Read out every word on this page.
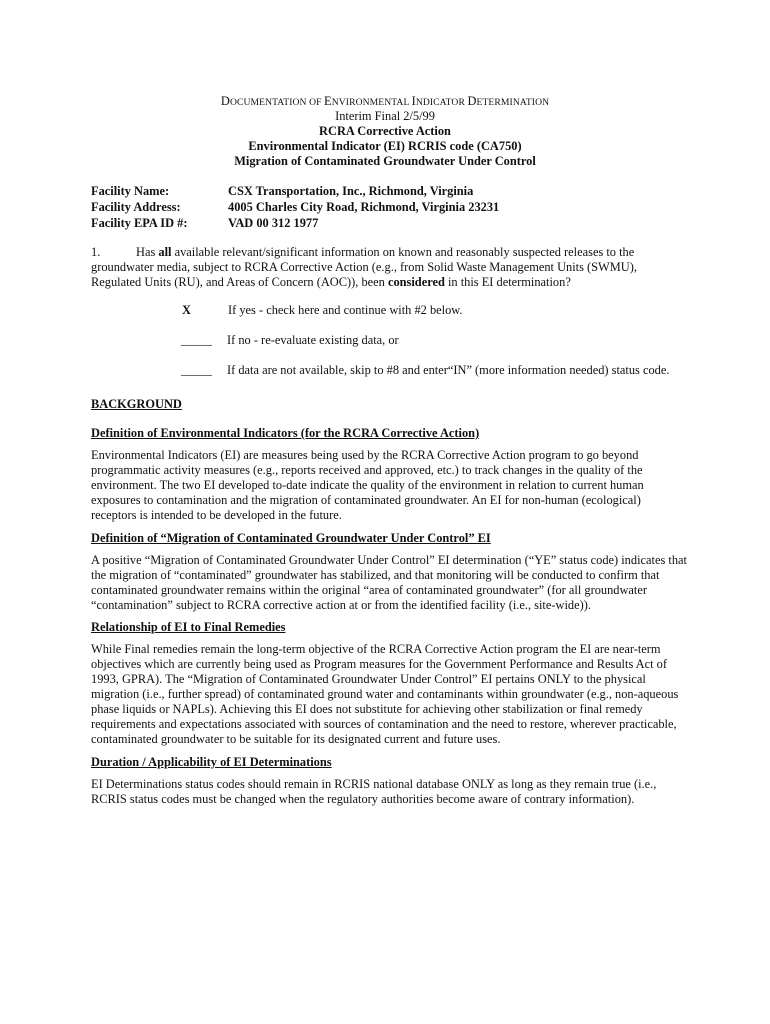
DOCUMENTATION OF ENVIRONMENTAL INDICATOR DETERMINATION
Interim Final 2/5/99
RCRA Corrective Action
Environmental Indicator (EI) RCRIS code (CA750)
Migration of Contaminated Groundwater Under Control
Facility Name:	CSX Transportation, Inc., Richmond, Virginia
Facility Address:	4005 Charles City Road, Richmond, Virginia 23231
Facility EPA ID #:	VAD 00 312 1977
1.	Has all available relevant/significant information on known and reasonably suspected releases to the groundwater media, subject to RCRA Corrective Action (e.g., from Solid Waste Management Units (SWMU), Regulated Units (RU), and Areas of Concern (AOC)), been considered in this EI determination?
X	If yes - check here and continue with #2 below.
_____ If no - re-evaluate existing data, or
_____ If data are not available, skip to #8 and enter“IN” (more information needed) status code.
BACKGROUND
Definition of Environmental Indicators (for the RCRA Corrective Action)
Environmental Indicators (EI) are measures being used by the RCRA Corrective Action program to go beyond programmatic activity measures (e.g., reports received and approved, etc.) to track changes in the quality of the environment. The two EI developed to-date indicate the quality of the environment in relation to current human exposures to contamination and the migration of contaminated groundwater. An EI for non-human (ecological) receptors is intended to be developed in the future.
Definition of “Migration of Contaminated Groundwater Under Control” EI
A positive “Migration of Contaminated Groundwater Under Control” EI determination (“YE” status code) indicates that the migration of “contaminated” groundwater has stabilized, and that monitoring will be conducted to confirm that contaminated groundwater remains within the original “area of contaminated groundwater” (for all groundwater “contamination” subject to RCRA corrective action at or from the identified facility (i.e., site-wide)).
Relationship of EI to Final Remedies
While Final remedies remain the long-term objective of the RCRA Corrective Action program the EI are near-term objectives which are currently being used as Program measures for the Government Performance and Results Act of 1993, GPRA). The “Migration of Contaminated Groundwater Under Control” EI pertains ONLY to the physical migration (i.e., further spread) of contaminated ground water and contaminants within groundwater (e.g., non-aqueous phase liquids or NAPLs). Achieving this EI does not substitute for achieving other stabilization or final remedy requirements and expectations associated with sources of contamination and the need to restore, wherever practicable, contaminated groundwater to be suitable for its designated current and future uses.
Duration / Applicability of EI Determinations
EI Determinations status codes should remain in RCRIS national database ONLY as long as they remain true (i.e., RCRIS status codes must be changed when the regulatory authorities become aware of contrary information).
